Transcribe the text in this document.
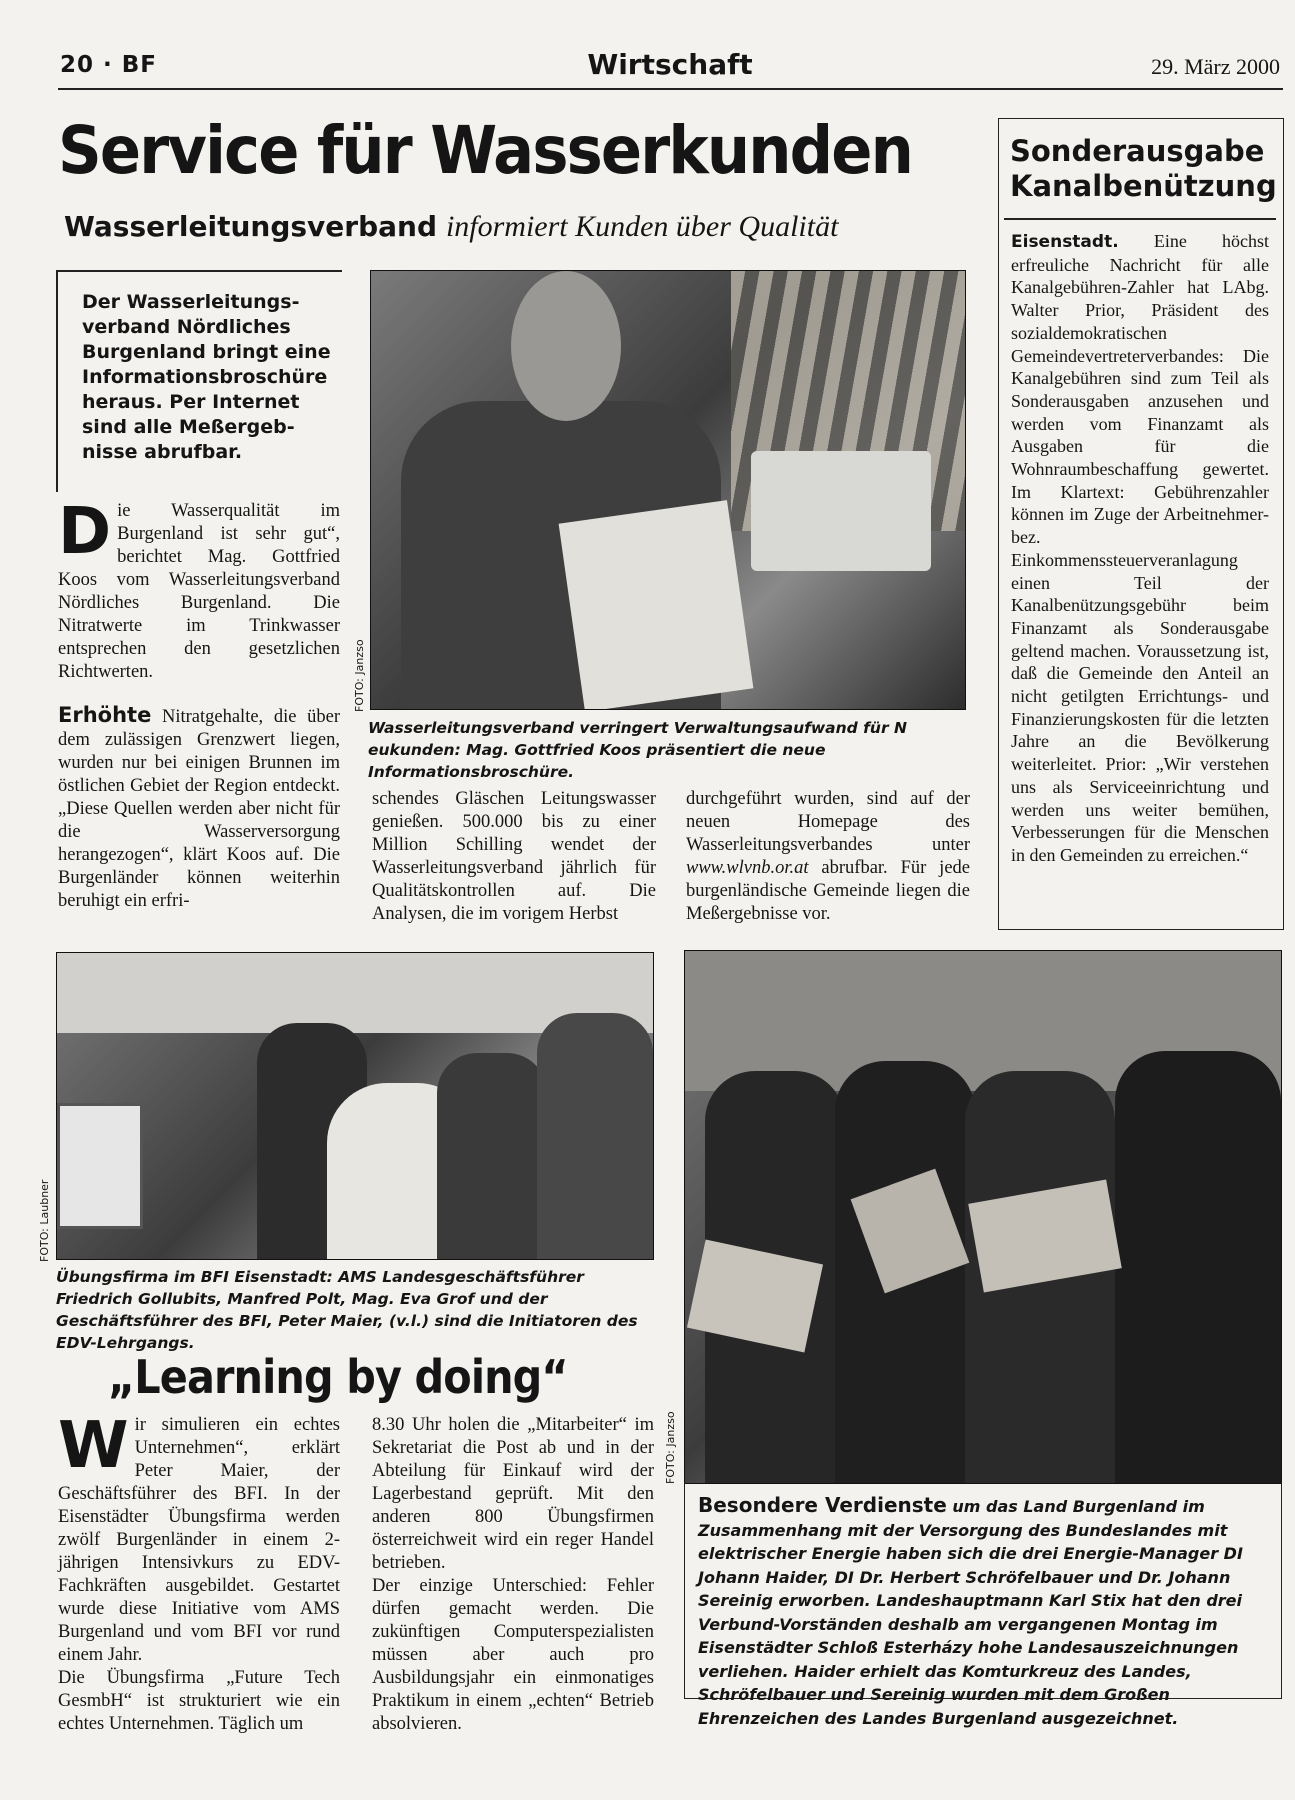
20 · BF	Wirtschaft	29. März 2000
Service für Wasserkunden
Wasserleitungsverband informiert Kunden über Qualität
Der Wasserleitungs-verband Nördliches Burgenland bringt eine Informationsbroschüre heraus. Per Internet sind alle Meßergeb-nisse abrufbar.
FOTO: Janzso
Wasserleitungsverband verringert Verwaltungsaufwand für N eukunden: Mag. Gottfried Koos präsentiert die neue Informationsbroschüre.
Die Wasserqualität im Burgenland ist sehr gut“, berichtet Mag. Gottfried Koos vom Wasserleitungsverband Nördliches Burgenland. Die Nitratwerte im Trinkwasser entsprechen den gesetzlichen Richtwerten.
Erhöhte Nitratgehalte, die über dem zulässigen Grenzwert liegen, wurden nur bei einigen Brunnen im östlichen Gebiet der Region entdeckt. „Diese Quellen werden aber nicht für die Wasserversorgung herangezogen“, klärt Koos auf. Die Burgenländer können weiterhin beruhigt ein erfri-
schendes Gläschen Leitungswasser genießen. 500.000 bis zu einer Million Schilling wendet der Wasserleitungsverband jährlich für Qualitätskontrollen auf. Die Analysen, die im vorigem Herbst
durchgeführt wurden, sind auf der neuen Homepage des Wasserleitungsverbandes unter www.wlvnb.or.at abrufbar. Für jede burgenländische Gemeinde liegen die Meßergebnisse vor.
Sonderausgabe Kanalbenützung
Eisenstadt. Eine höchst erfreuliche Nachricht für alle Kanalgebühren-Zahler hat LAbg. Walter Prior, Präsident des sozialdemokratischen Gemeindevertreterverbandes: Die Kanalgebühren sind zum Teil als Sonderausgaben anzusehen und werden vom Finanzamt als Ausgaben für die Wohnraumbeschaffung gewertet. Im Klartext: Gebührenzahler können im Zuge der Arbeitnehmer- bez. Einkommenssteuerveranlagung einen Teil der Kanalbenützungsgebühr beim Finanzamt als Sonderausgabe geltend machen. Voraussetzung ist, daß die Gemeinde den Anteil an nicht getilgten Errichtungs- und Finanzierungskosten für die letzten Jahre an die Bevölkerung weiterleitet. Prior: „Wir verstehen uns als Serviceeinrichtung und werden uns weiter bemühen, Verbesserungen für die Menschen in den Gemeinden zu erreichen.“
FOTO: Laubner
Übungsfirma im BFI Eisenstadt: AMS Landesgeschäftsführer Friedrich Gollubits, Manfred Polt, Mag. Eva Grof und der Geschäftsführer des BFI, Peter Maier, (v.l.) sind die Initiatoren des EDV-Lehrgangs.
„Learning by doing“
Wir simulieren ein echtes Unternehmen“, erklärt Peter Maier, der Geschäftsführer des BFI. In der Eisenstädter Übungsfirma werden zwölf Burgenländer in einem 2-jährigen Intensivkurs zu EDV-Fachkräften ausgebildet. Gestartet wurde diese Initiative vom AMS Burgenland und vom BFI vor rund einem Jahr.
Die Übungsfirma „Future Tech GesmbH“ ist strukturiert wie ein echtes Unternehmen. Täglich um
8.30 Uhr holen die „Mitarbeiter“ im Sekretariat die Post ab und in der Abteilung für Einkauf wird der Lagerbestand geprüft. Mit den anderen 800 Übungsfirmen österreichweit wird ein reger Handel betrieben.
Der einzige Unterschied: Fehler dürfen gemacht werden. Die zukünftigen Computerspezialisten müssen aber auch pro Ausbildungsjahr ein einmonatiges Praktikum in einem „echten“ Betrieb absolvieren.
FOTO: Janzso
Besondere Verdienste um das Land Burgenland im Zusammenhang mit der Versorgung des Bundeslandes mit elektrischer Energie haben sich die drei Energie-Manager DI Johann Haider, DI Dr. Herbert Schröfelbauer und Dr. Johann Sereinig erworben. Landeshauptmann Karl Stix hat den drei Verbund-Vorständen deshalb am vergangenen Montag im Eisenstädter Schloß Esterházy hohe Landesauszeichnungen verliehen. Haider erhielt das Komturkreuz des Landes, Schröfelbauer und Sereinig wurden mit dem Großen Ehrenzeichen des Landes Burgenland ausgezeichnet.
